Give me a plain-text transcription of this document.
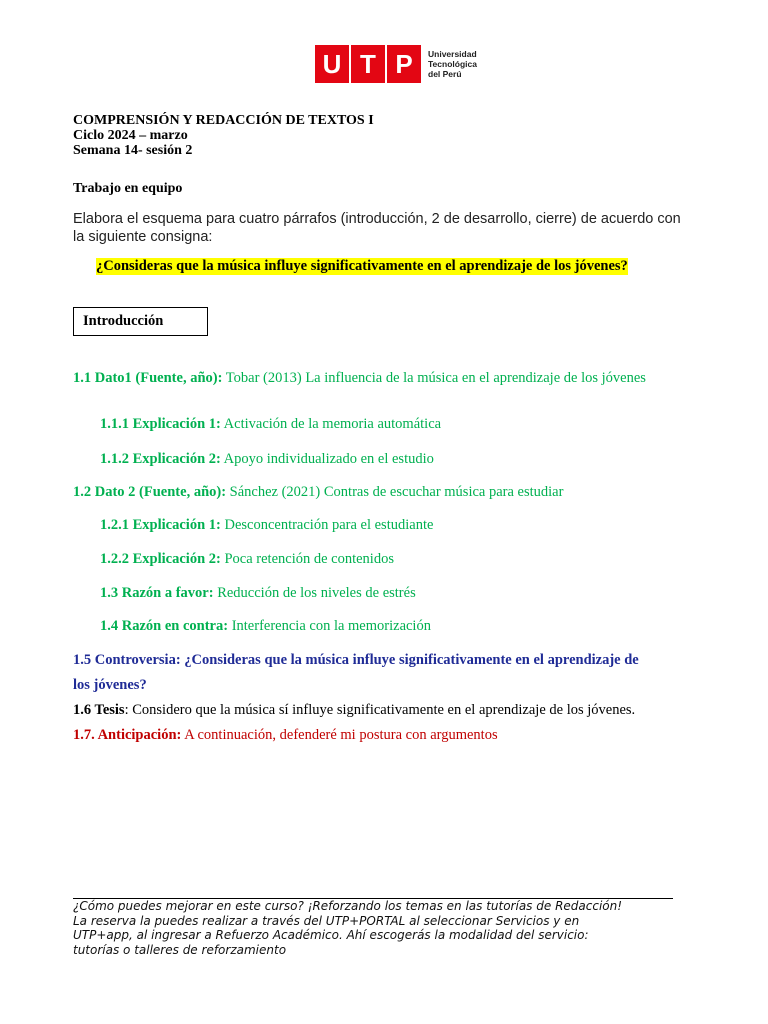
U T P	Universidad
Tecnológica
del Perú
COMPRENSIÓN Y REDACCIÓN DE TEXTOS I
Ciclo 2024 – marzo
Semana 14- sesión 2
Trabajo en equipo
Elabora el esquema para cuatro párrafos (introducción, 2 de desarrollo, cierre) de acuerdo con la siguiente consigna:
¿Consideras que la música influye significativamente en el aprendizaje de los jóvenes?
Introducción
1.1 Dato1 (Fuente, año): Tobar (2013) La influencia de la música en el aprendizaje de los jóvenes
1.1.1 Explicación 1: Activación de la memoria automática
1.1.2 Explicación 2: Apoyo individualizado en el estudio
1.2 Dato 2 (Fuente, año): Sánchez (2021) Contras de escuchar música para estudiar
1.2.1 Explicación 1: Desconcentración para el estudiante
1.2.2 Explicación 2: Poca retención de contenidos
1.3 Razón a favor: Reducción de los niveles de estrés
1.4 Razón en contra: Interferencia con la memorización
1.5 Controversia: ¿Consideras que la música influye significativamente en el aprendizaje de
los jóvenes?
1.6 Tesis: Considero que la música sí influye significativamente en el aprendizaje de los jóvenes.
1.7. Anticipación: A continuación, defenderé mi postura con argumentos
¿Cómo puedes mejorar en este curso? ¡Reforzando los temas en las tutorías de Redacción!
La reserva la puedes realizar a través del UTP+PORTAL al seleccionar Servicios y en
UTP+app, al ingresar a Refuerzo Académico. Ahí escogerás la modalidad del servicio:
tutorías o talleres de reforzamiento
